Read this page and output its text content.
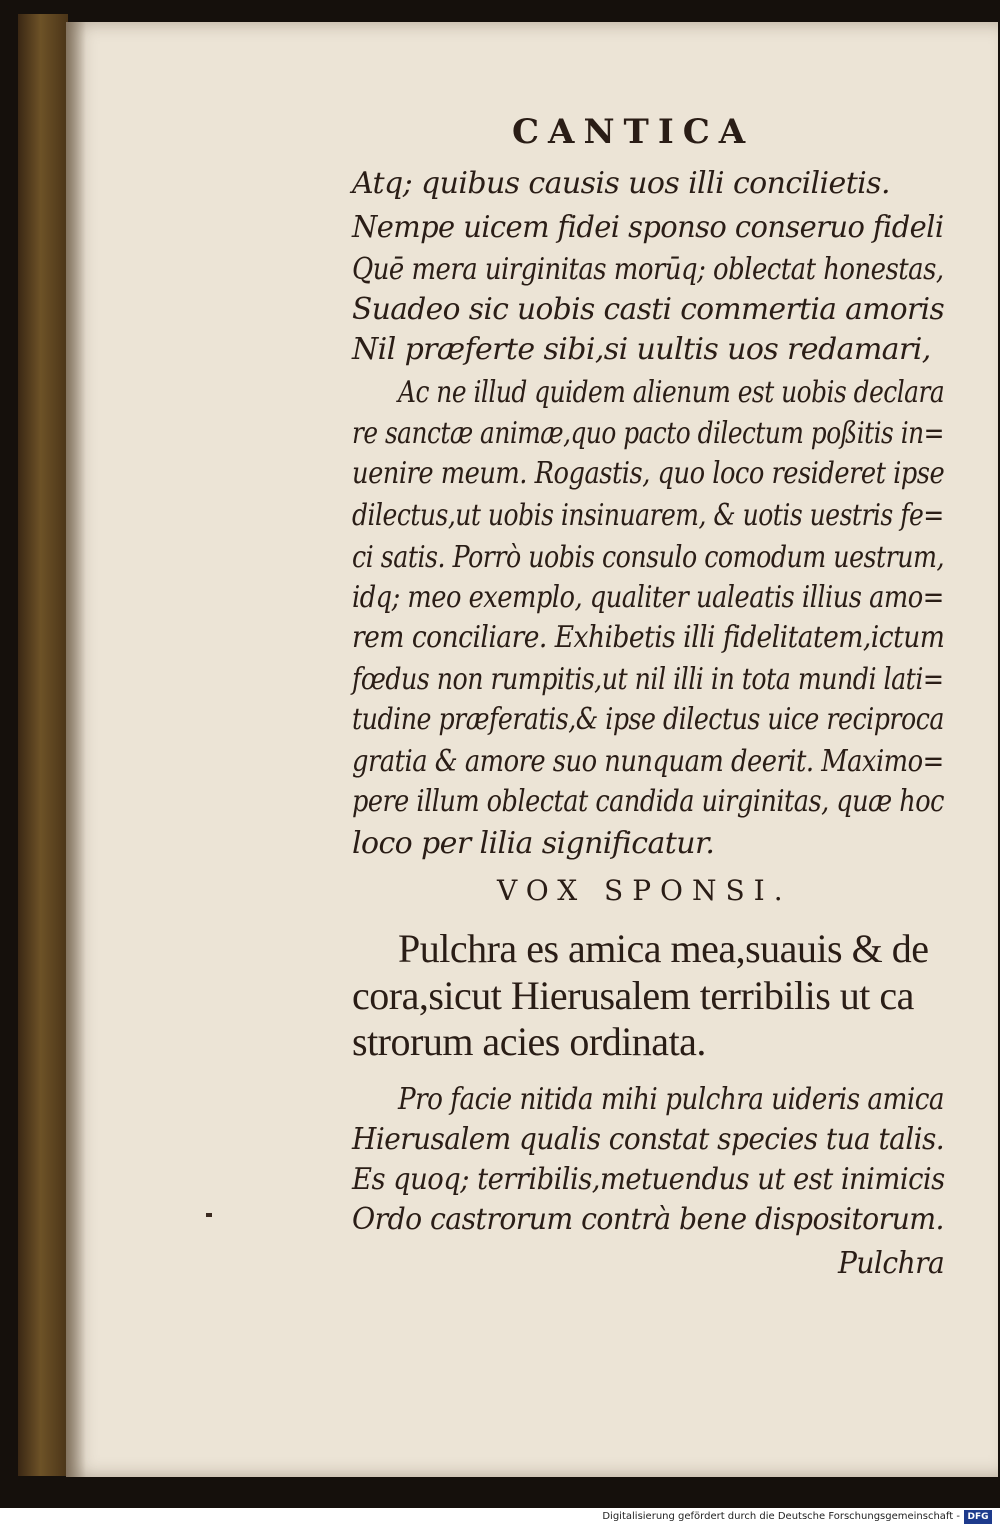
CANTICA
Atq; quibus causis uos illi concilietis.
Nempe uicem fidei sponso conseruo fideli
Quē mera uirginitas morūq; oblectat honestas,
Suadeo sic uobis casti commertia amoris
Nil præferte sibi,si uultis uos redamari,
Ac ne illud quidem alienum est uobis declara
re sanctæ animæ,quo pacto dilectum poßitis in=
uenire meum. Rogastis, quo loco resideret ipse
dilectus,ut uobis insinuarem, & uotis uestris fe=
ci satis. Porrò uobis consulo comodum uestrum,
idq; meo exemplo, qualiter ualeatis illius amo=
rem conciliare. Exhibetis illi fidelitatem,ictum
fœdus non rumpitis,ut nil illi in tota mundi lati=
tudine præferatis,& ipse dilectus uice reciproca
gratia & amore suo nunquam deerit. Maximo=
pere illum oblectat candida uirginitas, quæ hoc
loco per lilia significatur.
VOX SPONSI.
Pulchra es amica mea,suauis & de
cora,sicut Hierusalem terribilis ut ca
strorum acies ordinata.
Pro facie nitida mihi pulchra uideris amica
Hierusalem qualis constat species tua talis.
Es quoq; terribilis,metuendus ut est inimicis
Ordo castrorum contrà bene dispositorum.
Pulchra
Digitalisierung gefördert durch die Deutsche Forschungsgemeinschaft - DFG
